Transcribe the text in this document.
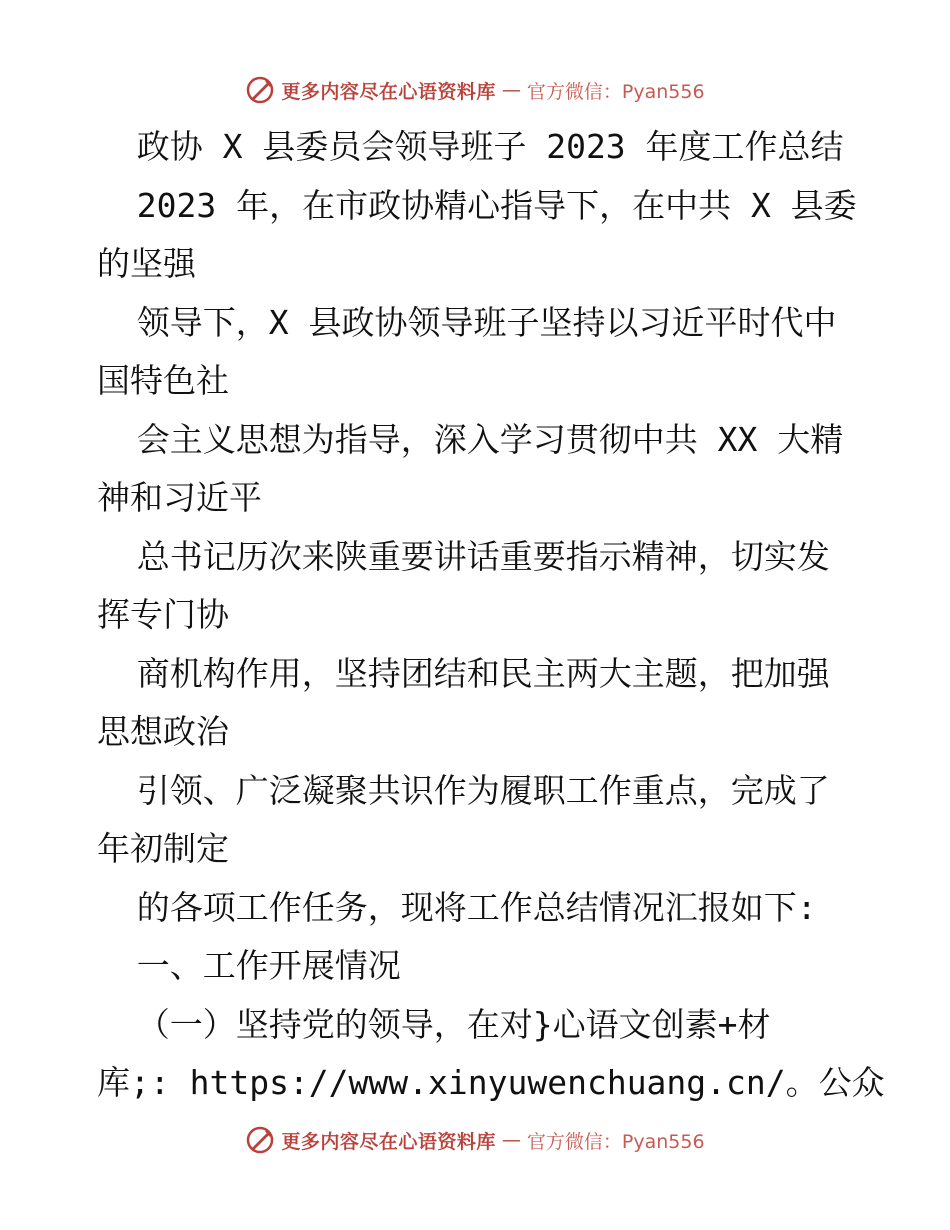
更多内容尽在心语资料库 — 官方微信：Pyan556
政协 X 县委员会领导班子 2023 年度工作总结
2023 年，在市政协精心指导下，在中共 X 县委
的坚强
领导下，X 县政协领导班子坚持以习近平时代中
国特色社
会主义思想为指导，深入学习贯彻中共 XX 大精
神和习近平
总书记历次来陕重要讲话重要指示精神，切实发
挥专门协
商机构作用，坚持团结和民主两大主题，把加强
思想政治
引领、广泛凝聚共识作为履职工作重点，完成了
年初制定
的各项工作任务，现将工作总结情况汇报如下:
一、工作开展情况
（一）坚持党的领导，在对}心语文创素+材
库;: https://www.xinyuwenchuang.cn/。公众
更多内容尽在心语资料库 — 官方微信：Pyan556
